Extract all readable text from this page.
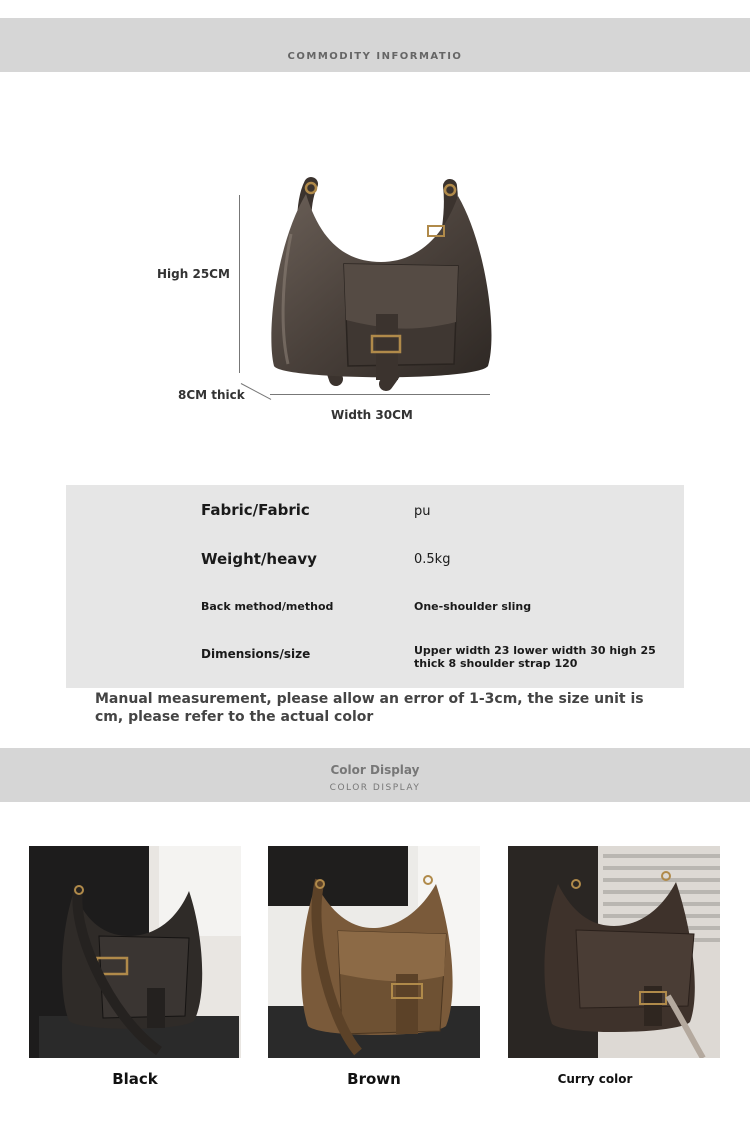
COMMODITY INFORMATIO
High 25CM
8CM thick
Width 30CM
Fabric/Fabric	pu
Weight/heavy	0.5kg
Back method/method	One-shoulder sling
Dimensions/size	Upper width 23 lower width 30 high 25
thick 8 shoulder strap 120
Manual measurement, please allow an error of 1-3cm, the size unit is
cm, please refer to the actual color
Color Display
COLOR DISPLAY
Black	Brown	Curry color
